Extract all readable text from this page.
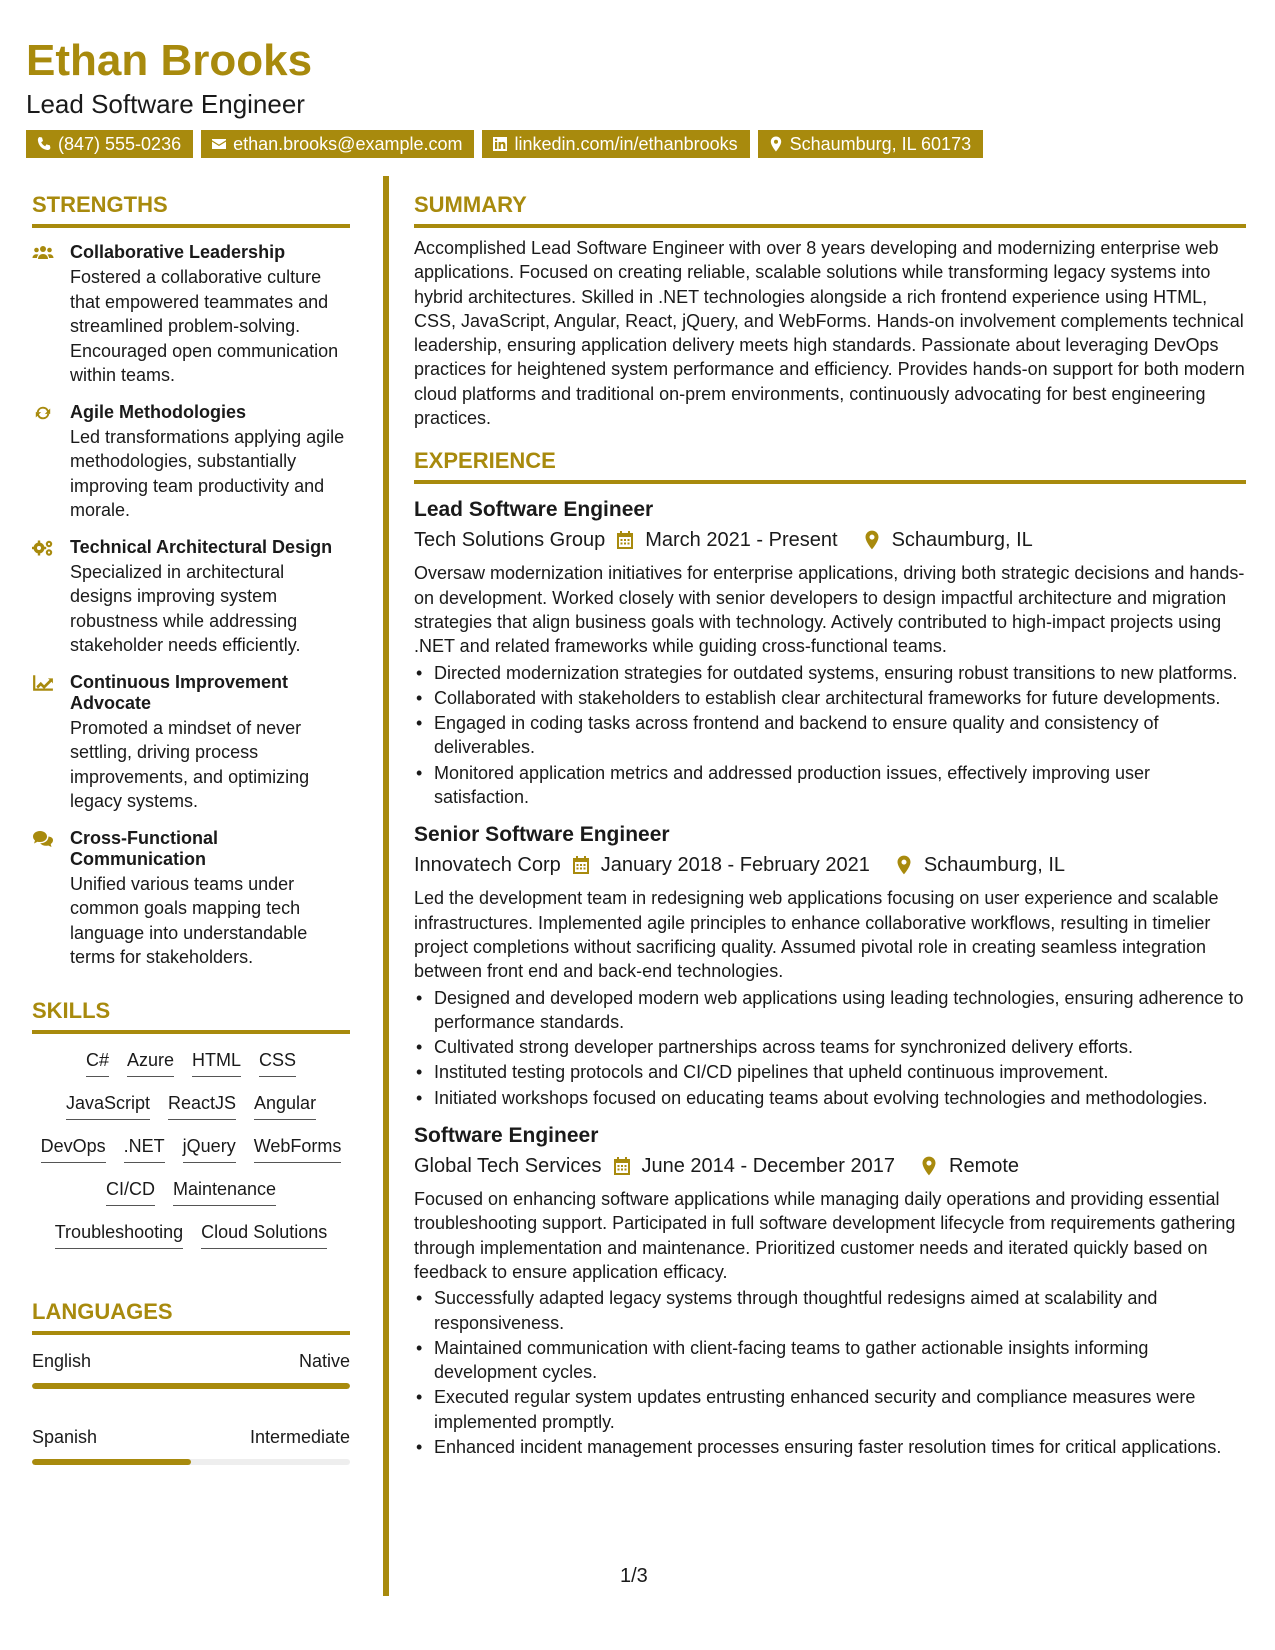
Ethan Brooks
Lead Software Engineer
(847) 555-0236	ethan.brooks@example.com	linkedin.com/in/ethanbrooks	Schaumburg, IL 60173
STRENGTHS
Collaborative Leadership
Fostered a collaborative culture that empowered teammates and streamlined problem-solving. Encouraged open communication within teams.
Agile Methodologies
Led transformations applying agile methodologies, substantially improving team productivity and morale.
Technical Architectural Design
Specialized in architectural designs improving system robustness while addressing stakeholder needs efficiently.
Continuous Improvement Advocate
Promoted a mindset of never settling, driving process improvements, and optimizing legacy systems.
Cross-Functional Communication
Unified various teams under common goals mapping tech language into understandable terms for stakeholders.
SKILLS
C# Azure HTML CSS
JavaScript ReactJS Angular
DevOps .NET jQuery WebForms
CI/CD Maintenance
Troubleshooting Cloud Solutions
LANGUAGES
English	Native
Spanish	Intermediate
SUMMARY
Accomplished Lead Software Engineer with over 8 years developing and modernizing enterprise web applications. Focused on creating reliable, scalable solutions while transforming legacy systems into hybrid architectures. Skilled in .NET technologies alongside a rich frontend experience using HTML, CSS, JavaScript, Angular, React, jQuery, and WebForms. Hands-on involvement complements technical leadership, ensuring application delivery meets high standards. Passionate about leveraging DevOps practices for heightened system performance and efficiency. Provides hands-on support for both modern cloud platforms and traditional on-prem environments, continuously advocating for best engineering practices.
EXPERIENCE
Lead Software Engineer
Tech Solutions Group March 2021 - Present	Schaumburg, IL
Oversaw modernization initiatives for enterprise applications, driving both strategic decisions and hands-on development. Worked closely with senior developers to design impactful architecture and migration strategies that align business goals with technology. Actively contributed to high-impact projects using .NET and related frameworks while guiding cross-functional teams.
• Directed modernization strategies for outdated systems, ensuring robust transitions to new platforms.
• Collaborated with stakeholders to establish clear architectural frameworks for future developments.
• Engaged in coding tasks across frontend and backend to ensure quality and consistency of deliverables.
• Monitored application metrics and addressed production issues, effectively improving user satisfaction.
Senior Software Engineer
Innovatech Corp January 2018 - February 2021	Schaumburg, IL
Led the development team in redesigning web applications focusing on user experience and scalable infrastructures. Implemented agile principles to enhance collaborative workflows, resulting in timelier project completions without sacrificing quality. Assumed pivotal role in creating seamless integration between front end and back-end technologies.
• Designed and developed modern web applications using leading technologies, ensuring adherence to performance standards.
• Cultivated strong developer partnerships across teams for synchronized delivery efforts.
• Instituted testing protocols and CI/CD pipelines that upheld continuous improvement.
• Initiated workshops focused on educating teams about evolving technologies and methodologies.
Software Engineer
Global Tech Services June 2014 - December 2017	Remote
Focused on enhancing software applications while managing daily operations and providing essential troubleshooting support. Participated in full software development lifecycle from requirements gathering through implementation and maintenance. Prioritized customer needs and iterated quickly based on feedback to ensure application efficacy.
• Successfully adapted legacy systems through thoughtful redesigns aimed at scalability and responsiveness.
• Maintained communication with client-facing teams to gather actionable insights informing development cycles.
• Executed regular system updates entrusting enhanced security and compliance measures were implemented promptly.
• Enhanced incident management processes ensuring faster resolution times for critical applications.
1/3
